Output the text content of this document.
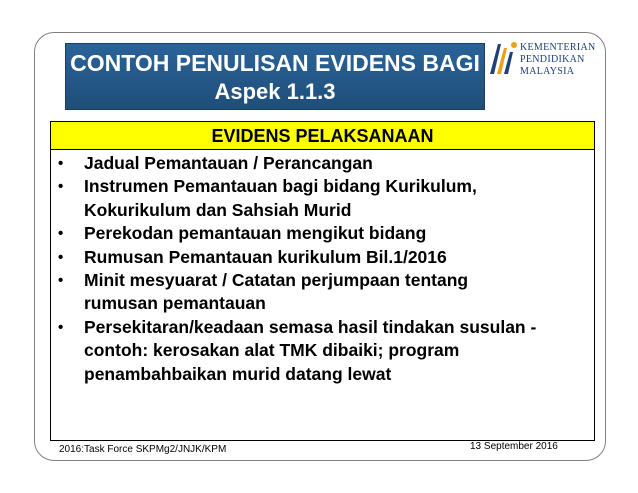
CONTOH PENULISAN EVIDENS BAGI
Aspek 1.1.3
KEMENTERIAN
PENDIDIKAN
MALAYSIA
EVIDENS PELAKSANAAN
• Jadual Pemantauan / Perancangan
• Instrumen Pemantauan bagi bidang Kurikulum,
Kokurikulum dan Sahsiah Murid
• Perekodan pemantauan mengikut bidang
• Rumusan Pemantauan kurikulum Bil.1/2016
• Minit mesyuarat / Catatan perjumpaan tentang
rumusan pemantauan
• Persekitaran/keadaan semasa hasil tindakan susulan -
contoh: kerosakan alat TMK dibaiki; program
penambahbaikan murid datang lewat
2016:Task Force SKPMg2/JNJK/KPM	13 September 2016
